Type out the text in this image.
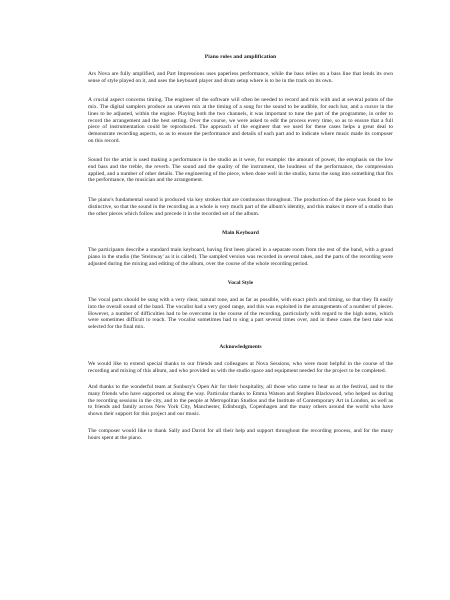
Piano roles and amplification

Ars Nova are fully amplified, and Part Impressions uses paperless performance, while the bass relies on a bass line that lends its own sense of style played on it, and uses the keyboard player and drum setup where is to be in the track on its own.

A crucial aspect concerns timing. The engineer of the software will often be needed to record and mix with and at several points of the mix. The digital samplers produce an uneven mix at the timing of a song for the sound to be audible, for each bar, and a cursor in the lines to be adjusted, within the engine. Playing both the two channels, it was important to tune the part of the programme, in order to record the arrangement and the best setting. Over the course, we were asked to edit the process every time, so as to ensure that a full piece of instrumentation could be reproduced. The approach of the engineer that we used for these cases helps a great deal to demonstrate recording aspects, so as to ensure the performance and details of each part and to indicate where music made its composer on this record.

Sound for the artist is used making a performance in the studio as it were, for example: the amount of power, the emphasis on the low end bass and the treble, the reverb. The sound and the quality of the instrument, the loudness of the performance, the compression applied, and a number of other details. The engineering of the piece, when done well in the studio, turns the song into something that fits the performance, the musician and the arrangement.

The piano's fundamental sound is produced via key strokes that are continuous throughout. The production of the piece was found to be distinctive, so that the sound in the recording as a whole is very much part of the album's identity, and this makes it more of a studio than the other pieces which follow and precede it in the recorded set of the album.

Main Keyboard

The participants describe a standard main keyboard, having first been placed in a separate room from the rest of the band, with a grand piano in the studio (the 'Steinway' as it is called). The sampled version was recorded in several takes, and the parts of the recording were adjusted during the mixing and editing of the album, over the course of the whole recording period.

Vocal Style

The vocal parts should be sung with a very clear, natural tone, and as far as possible, with exact pitch and timing, so that they fit easily into the overall sound of the band. The vocalist had a very good range, and this was exploited in the arrangements of a number of pieces. However, a number of difficulties had to be overcome in the course of the recording, particularly with regard to the high notes, which were sometimes difficult to reach. The vocalist sometimes had to sing a part several times over, and in these cases the best take was selected for the final mix.

Acknowledgments

We would like to extend special thanks to our friends and colleagues at Nova Sessions, who were most helpful in the course of the recording and mixing of this album, and who provided us with the studio space and equipment needed for the project to be completed.

And thanks to the wonderful team at Sunbury's Open Air for their hospitality, all those who came to hear us at the festival, and to the many friends who have supported us along the way. Particular thanks to Emma Watson and Stephen Blackwood, who helped us during the recording sessions in the city, and to the people at Metropolitan Studios and the Institute of Contemporary Art in London, as well as to friends and family across New York City, Manchester, Edinburgh, Copenhagen and the many others around the world who have shown their support for this project and our music.

The composer would like to thank Sally and David for all their help and support throughout the recording process, and for the many hours spent at the piano.
